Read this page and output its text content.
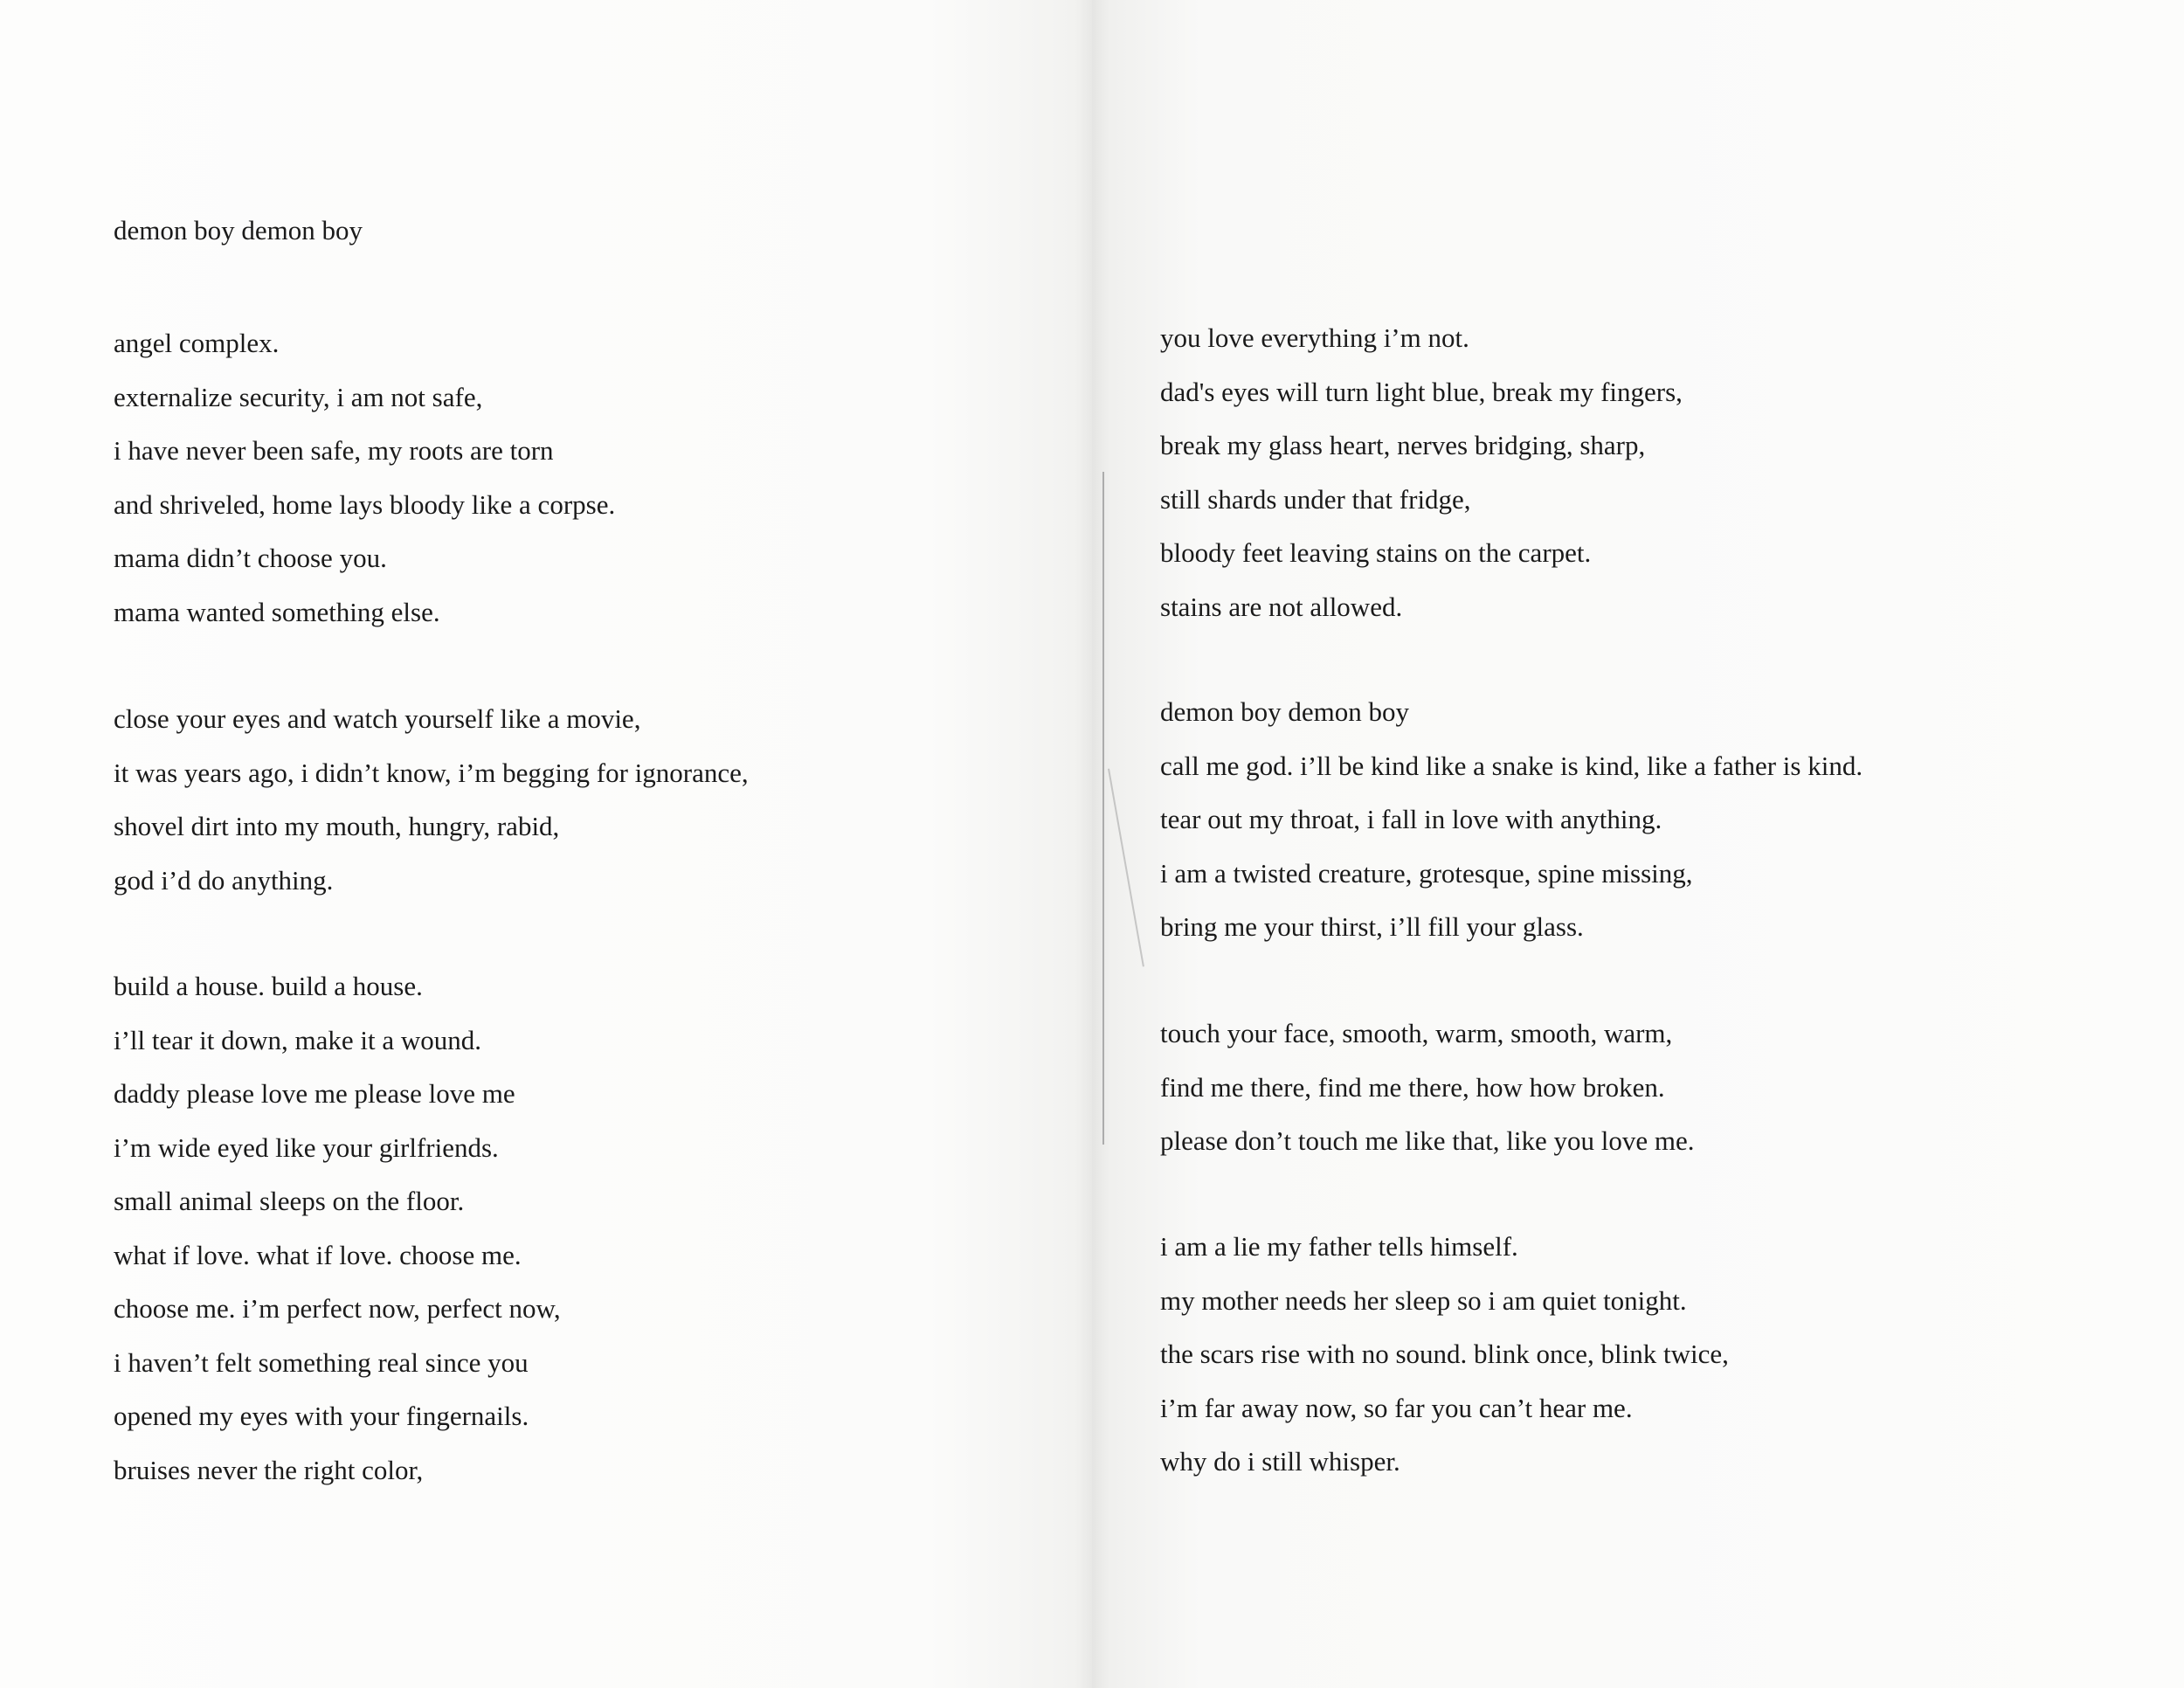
demon boy demon boy
angel complex.
externalize security, i am not safe,
i have never been safe, my roots are torn
and shriveled, home lays bloody like a corpse.
mama didn’t choose you.
mama wanted something else.
close your eyes and watch yourself like a movie,
it was years ago, i didn’t know, i’m begging for ignorance,
shovel dirt into my mouth, hungry, rabid,
god i’d do anything.
build a house. build a house.
i’ll tear it down, make it a wound.
daddy please love me please love me
i’m wide eyed like your girlfriends.
small animal sleeps on the floor.
what if love. what if love. choose me.
choose me. i’m perfect now, perfect now,
i haven’t felt something real since you
opened my eyes with your fingernails.
bruises never the right color,
you love everything i’m not.
dad's eyes will turn light blue, break my fingers,
break my glass heart, nerves bridging, sharp,
still shards under that fridge,
bloody feet leaving stains on the carpet.
stains are not allowed.
demon boy demon boy
call me god. i’ll be kind like a snake is kind, like a father is kind.
tear out my throat, i fall in love with anything.
i am a twisted creature, grotesque, spine missing,
bring me your thirst, i’ll fill your glass.
touch your face, smooth, warm, smooth, warm,
find me there, find me there, how how broken.
please don’t touch me like that, like you love me.
i am a lie my father tells himself.
my mother needs her sleep so i am quiet tonight.
the scars rise with no sound. blink once, blink twice,
i’m far away now, so far you can’t hear me.
why do i still whisper.
